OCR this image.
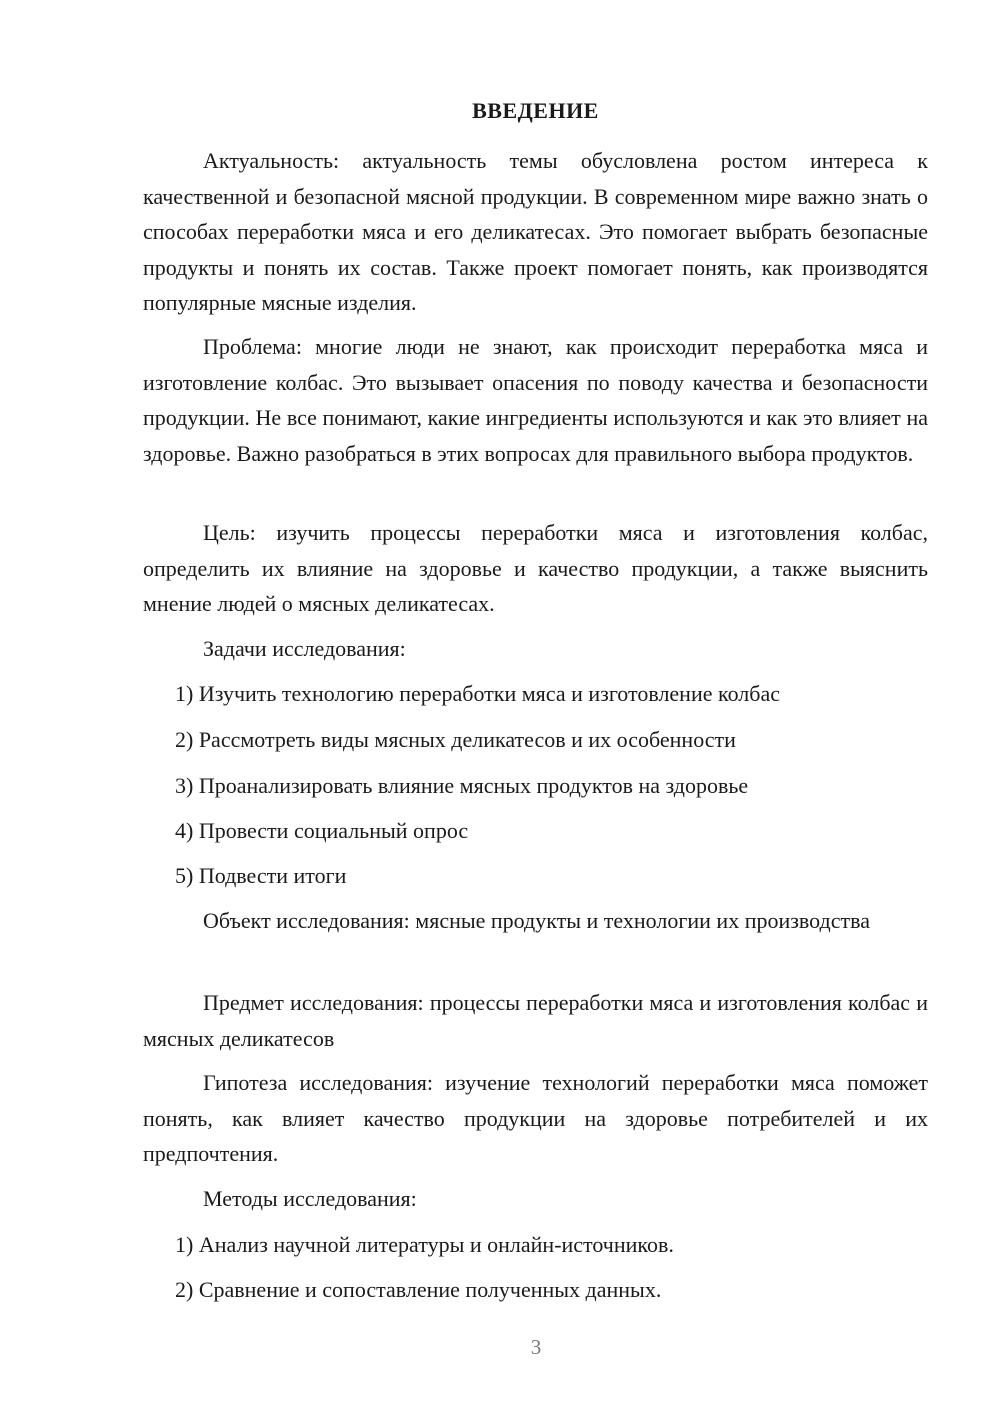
ВВЕДЕНИЕ

Актуальность: актуальность темы обусловлена ростом интереса к качественной и безопасной мясной продукции. В современном мире важно знать о способах переработки мяса и его деликатесах. Это помогает выбрать безопасные продукты и понять их состав. Также проект помогает понять, как производятся популярные мясные изделия.

Проблема: многие люди не знают, как происходит переработка мяса и изготовление колбас. Это вызывает опасения по поводу качества и безопасности продукции. Не все понимают, какие ингредиенты используются и как это влияет на здоровье. Важно разобраться в этих вопросах для правильного выбора продуктов.

Цель: изучить процессы переработки мяса и изготовления колбас, определить их влияние на здоровье и качество продукции, а также выяснить мнение людей о мясных деликатесах.

Задачи исследования:

1) Изучить технологию переработки мяса и изготовление колбас

2) Рассмотреть виды мясных деликатесов и их особенности

3) Проанализировать влияние мясных продуктов на здоровье

4) Провести социальный опрос

5) Подвести итоги

Объект исследования: мясные продукты и технологии их производства

Предмет исследования: процессы переработки мяса и изготовления колбас и мясных деликатесов

Гипотеза исследования: изучение технологий переработки мяса поможет понять, как влияет качество продукции на здоровье потребителей и их предпочтения.

Методы исследования:

1) Анализ научной литературы и онлайн-источников.

2) Сравнение и сопоставление полученных данных.

3
